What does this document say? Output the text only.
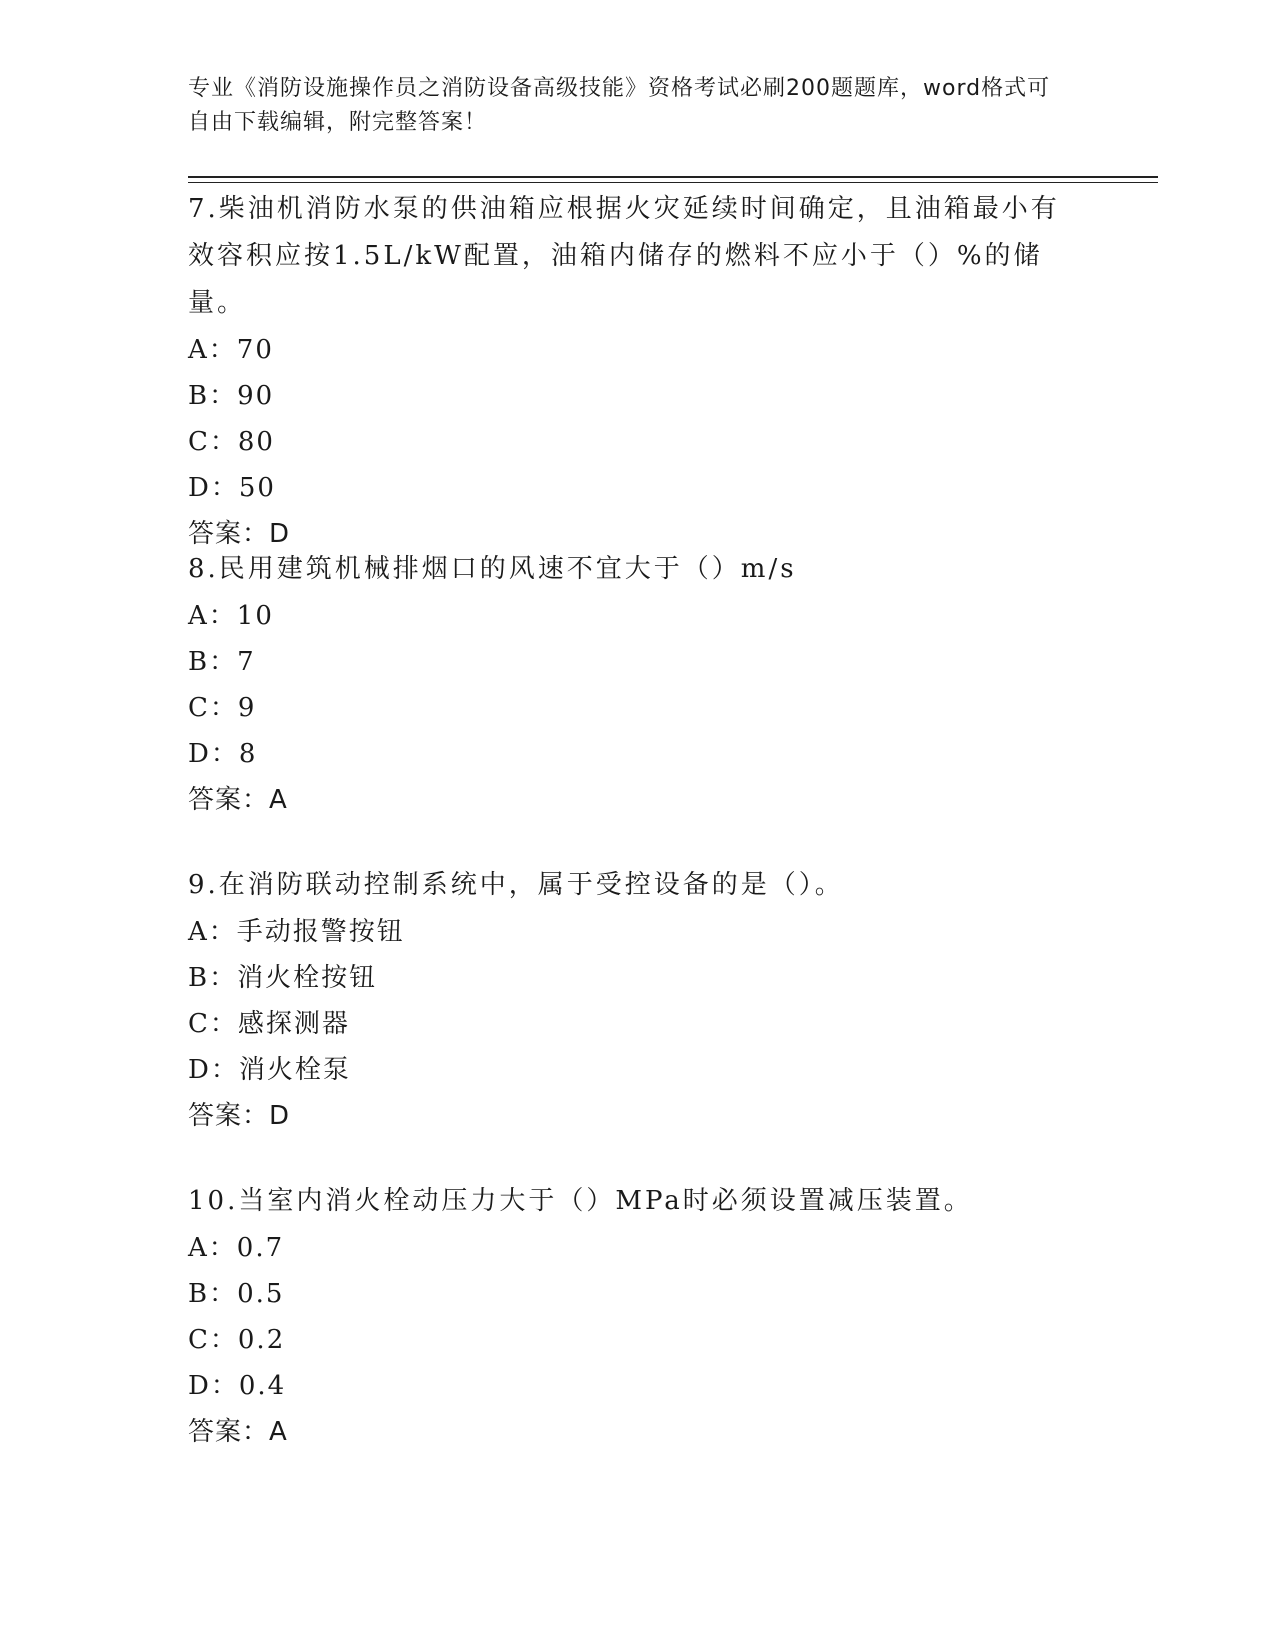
专业《消防设施操作员之消防设备高级技能》资格考试必刷200题题库，word格式可自由下载编辑，附完整答案！

7.柴油机消防水泵的供油箱应根据火灾延续时间确定，且油箱最小有效容积应按1.5L/kW配置，油箱内储存的燃料不应小于（）%的储量。

A：70

B：90

C：80

D：50

答案：D

8.民用建筑机械排烟口的风速不宜大于（）m/s

A：10

B：7

C：9

D：8

答案：A

9.在消防联动控制系统中，属于受控设备的是（）。

A：手动报警按钮

B：消火栓按钮

C：感探测器

D：消火栓泵

答案：D

10.当室内消火栓动压力大于（）MPa时必须设置减压装置。

A：0.7

B：0.5

C：0.2

D：0.4

答案：A
